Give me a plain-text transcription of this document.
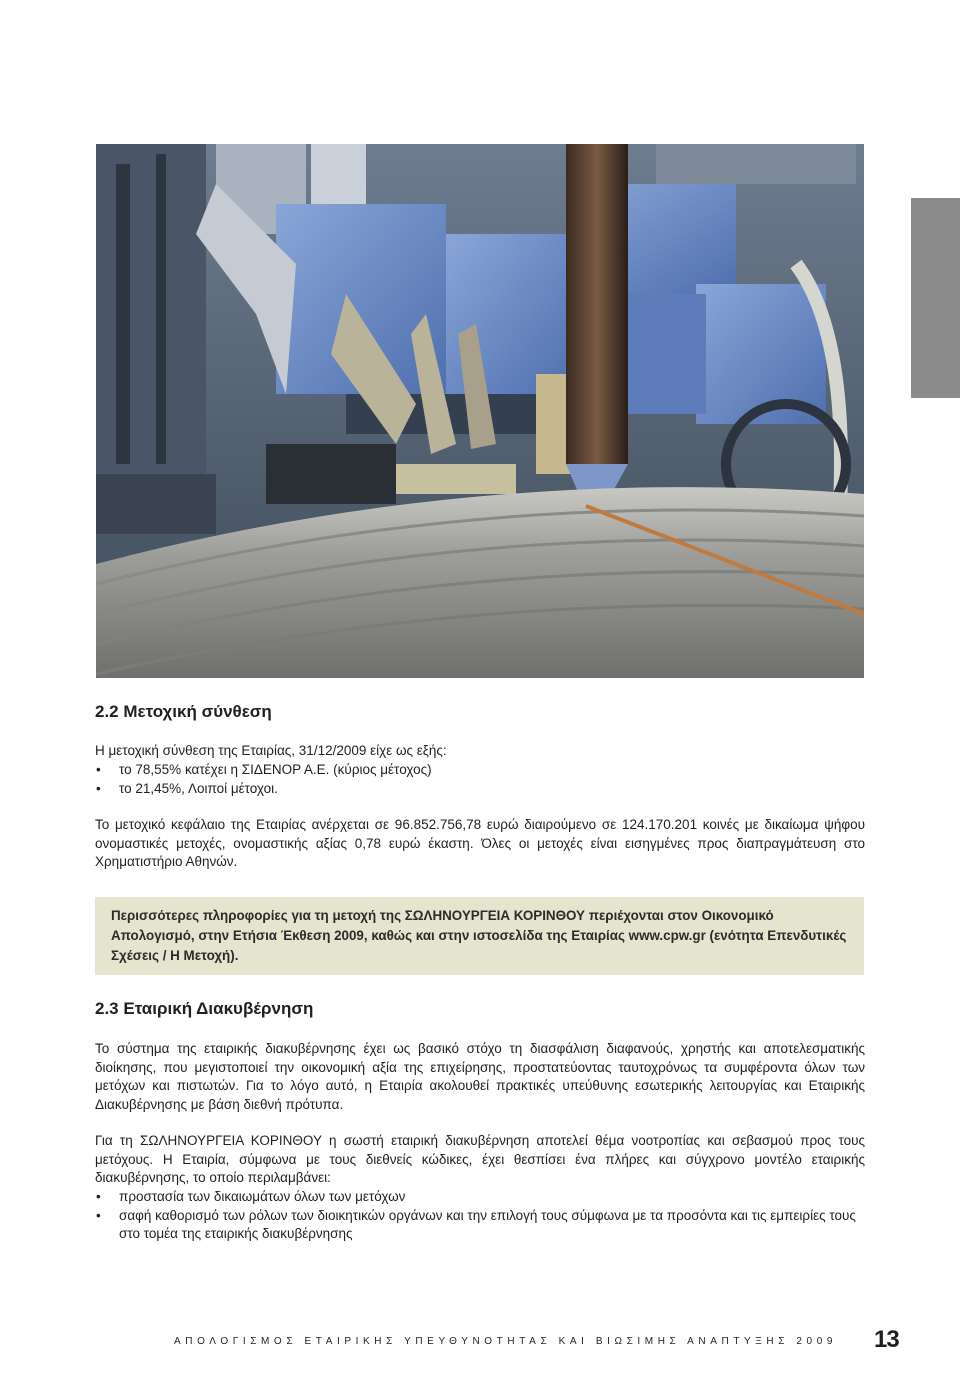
2.2 Μετοχική σύνθεση

Η μετοχική σύνθεση της Εταιρίας, 31/12/2009 είχε ως εξής:

• το 78,55% κατέχει η ΣΙΔΕΝΟΡ Α.Ε. (κύριος μέτοχος)
• το 21,45%, Λοιποί μέτοχοι.

Το μετοχικό κεφάλαιο της Εταιρίας ανέρχεται σε 96.852.756,78 ευρώ διαιρούμενο σε 124.170.201 κοινές με δικαίωμα ψήφου ονομαστικές μετοχές, ονομαστικής αξίας 0,78 ευρώ έκαστη. Όλες οι μετοχές είναι εισηγμένες προς διαπραγμάτευση στο Χρηματιστήριο Αθηνών.

Περισσότερες πληροφορίες για τη μετοχή της ΣΩΛΗΝΟΥΡΓΕΙΑ ΚΟΡΙΝΘΟΥ περιέχονται στον Οικονομικό Απολογισμό, στην Ετήσια Έκθεση 2009, καθώς και στην ιστοσελίδα της Εταιρίας www.cpw.gr (ενότητα Επενδυτικές Σχέσεις / Η Μετοχή).

2.3 Εταιρική Διακυβέρνηση

Το σύστημα της εταιρικής διακυβέρνησης έχει ως βασικό στόχο τη διασφάλιση διαφανούς, χρηστής και αποτελεσματικής διοίκησης, που μεγιστοποιεί την οικονομική αξία της επιχείρησης, προστατεύοντας ταυτοχρόνως τα συμφέροντα όλων των μετόχων και πιστωτών. Για το λόγο αυτό, η Εταιρία ακολουθεί πρακτικές υπεύθυνης εσωτερικής λειτουργίας και Εταιρικής Διακυβέρνησης με βάση διεθνή πρότυπα.

Για τη ΣΩΛΗΝΟΥΡΓΕΙΑ ΚΟΡΙΝΘΟΥ η σωστή εταιρική διακυβέρνηση αποτελεί θέμα νοοτροπίας και σεβασμού προς τους μετόχους. Η Εταιρία, σύμφωνα με τους διεθνείς κώδικες, έχει θεσπίσει ένα πλήρες και σύγχρονο μοντέλο εταιρικής διακυβέρνησης, το οποίο περιλαμβάνει:

• προστασία των δικαιωμάτων όλων των μετόχων
• σαφή καθορισμό των ρόλων των διοικητικών οργάνων και την επιλογή τους σύμφωνα με τα προσόντα και τις εμπειρίες τους στο τομέα της εταιρικής διακυβέρνησης
ΑΠΟΛΟΓΙΣΜΟΣ ΕΤΑΙΡΙΚΗΣ ΥΠΕΥΘΥΝΟΤΗΤΑΣ ΚΑΙ ΒΙΩΣΙΜΗΣ ΑΝΑΠΤΥΞΗΣ 2009 13
